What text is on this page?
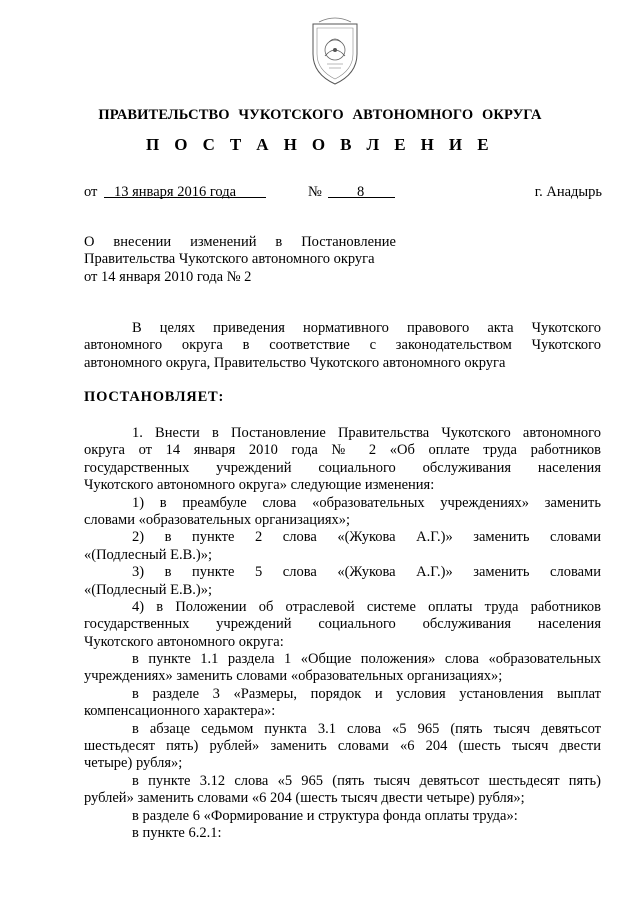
ПРАВИТЕЛЬСТВО ЧУКОТСКОГО АВТОНОМНОГО ОКРУГА
П О С Т А Н О В Л Е Н И Е
от 13 января 2016 года	№ 8	г. Анадырь
О внесении изменений в Постановление
Правительства Чукотского автономного округа
от 14 января 2010 года № 2
В целях приведения нормативного правового акта Чукотского
автономного округа в соответствие с законодательством Чукотского
автономного округа, Правительство Чукотского автономного округа
ПОСТАНОВЛЯЕТ:
1. Внести в Постановление Правительства Чукотского автономного
округа от 14 января 2010 года № 2 «Об оплате труда работников
государственных учреждений социального обслуживания населения
Чукотского автономного округа» следующие изменения:
1) в преамбуле слова «образовательных учреждениях» заменить
словами «образовательных организациях»;
2) в пункте 2 слова «(Жукова А.Г.)» заменить словами
«(Подлесный Е.В.)»;
3) в пункте 5 слова «(Жукова А.Г.)» заменить словами
«(Подлесный Е.В.)»;
4) в Положении об отраслевой системе оплаты труда работников
государственных учреждений социального обслуживания населения
Чукотского автономного округа:
в пункте 1.1 раздела 1 «Общие положения» слова «образовательных
учреждениях» заменить словами «образовательных организациях»;
в разделе 3 «Размеры, порядок и условия установления выплат
компенсационного характера»:
в абзаце седьмом пункта 3.1 слова «5 965 (пять тысяч девятьсот
шестьдесят пять) рублей» заменить словами «6 204 (шесть тысяч двести
четыре) рубля»;
в пункте 3.12 слова «5 965 (пять тысяч девятьсот шестьдесят пять)
рублей» заменить словами «6 204 (шесть тысяч двести четыре) рубля»;
в разделе 6 «Формирование и структура фонда оплаты труда»:
в пункте 6.2.1:
